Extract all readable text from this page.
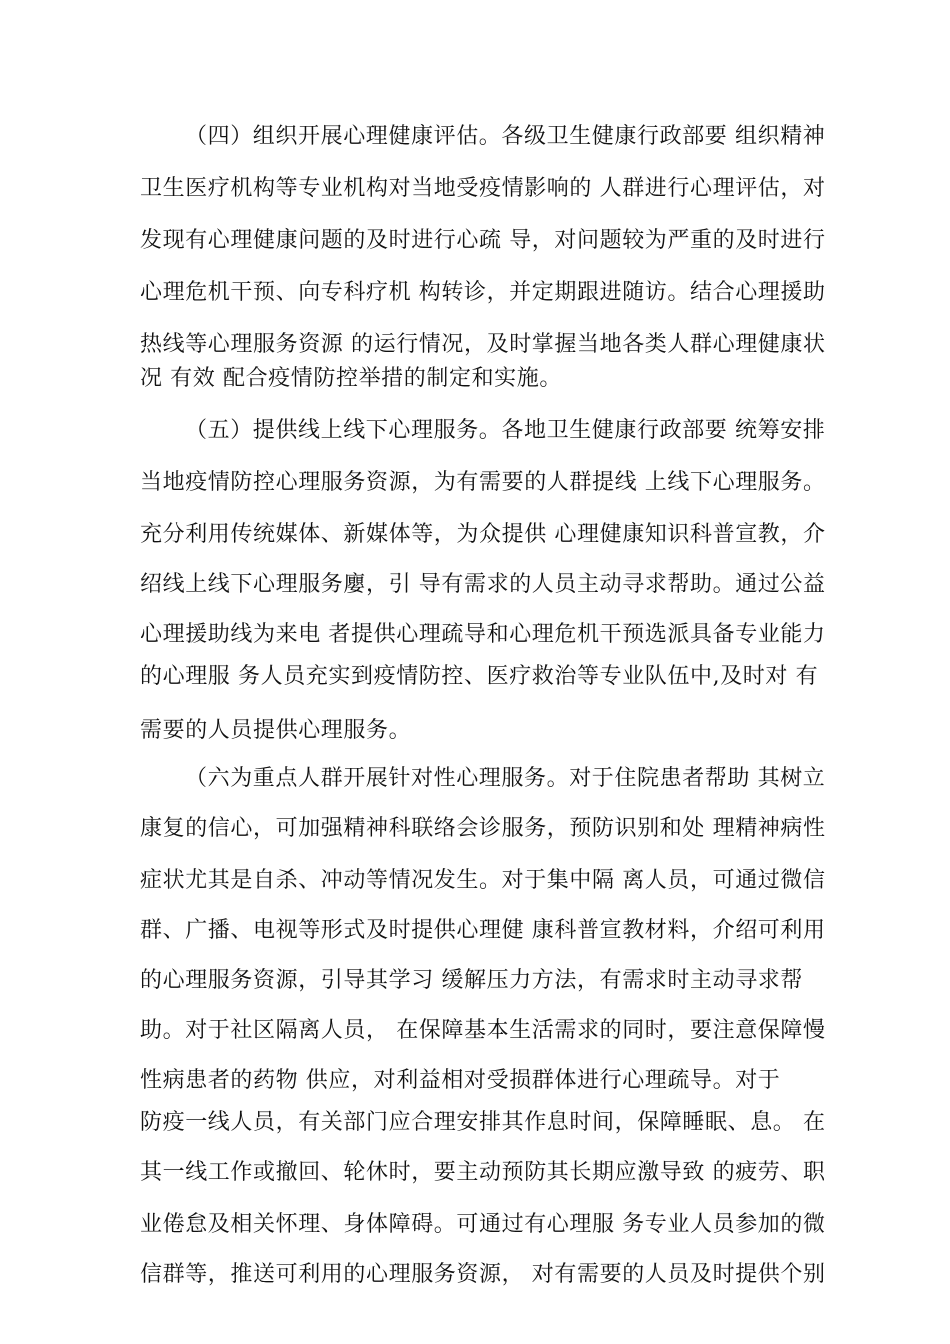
（四）组织开展心理健康评估。各级卫生健康行政部要 组织精神
卫生医疗机构等专业机构对当地受疫情影响的 人群进行心理评估，对
发现有心理健康问题的及时进行心疏 导，对问题较为严重的及时进行
心理危机干预、向专科疗机 构转诊，并定期跟进随访。结合心理援助
热线等心理服务资源 的运行情况，及时掌握当地各类人群心理健康状
况 有效 配合疫情防控举措的制定和实施。
（五）提供线上线下心理服务。各地卫生健康行政部要 统筹安排
当地疫情防控心理服务资源，为有需要的人群提线 上线下心理服务。
充分利用传统媒体、新媒体等，为众提供 心理健康知识科普宣教，介
绍线上线下心理服务廮，引 导有需求的人员主动寻求帮助。通过公益
心理援助线为来电 者提供心理疏导和心理危机干预选派具备专业能力
的心理服 务人员充实到疫情防控、医疗救治等专业队伍中,及时对 有
需要的人员提供心理服务。
（六为重点人群开展针对性心理服务。对于住院患者帮助 其树立
康复的信心，可加强精神科联络会诊服务，预防识别和处 理精神病性
症状尤其是自杀、冲动等情况发生。对于集中隔 离人员，可通过微信
群、广播、电视等形式及时提供心理健 康科普宣教材料，介绍可利用
的心理服务资源，引导其学习 缓解压力方法，有需求时主动寻求帮
助。对于社区隔离人员， 在保障基本生活需求的同时，要注意保障慢
性病患者的药物 供应，对利益相对受损群体进行心理疏导。对于
防疫一线人员，有关部门应合理安排其作息时间，保障睡眠、息。 在
其一线工作或撤回、轮休时，要主动预防其长期应激导致 的疲劳、职
业倦怠及相关怀理、身体障碍。可通过有心理服 务专业人员参加的微
信群等，推送可利用的心理服务资源， 对有需要的人员及时提供个别
